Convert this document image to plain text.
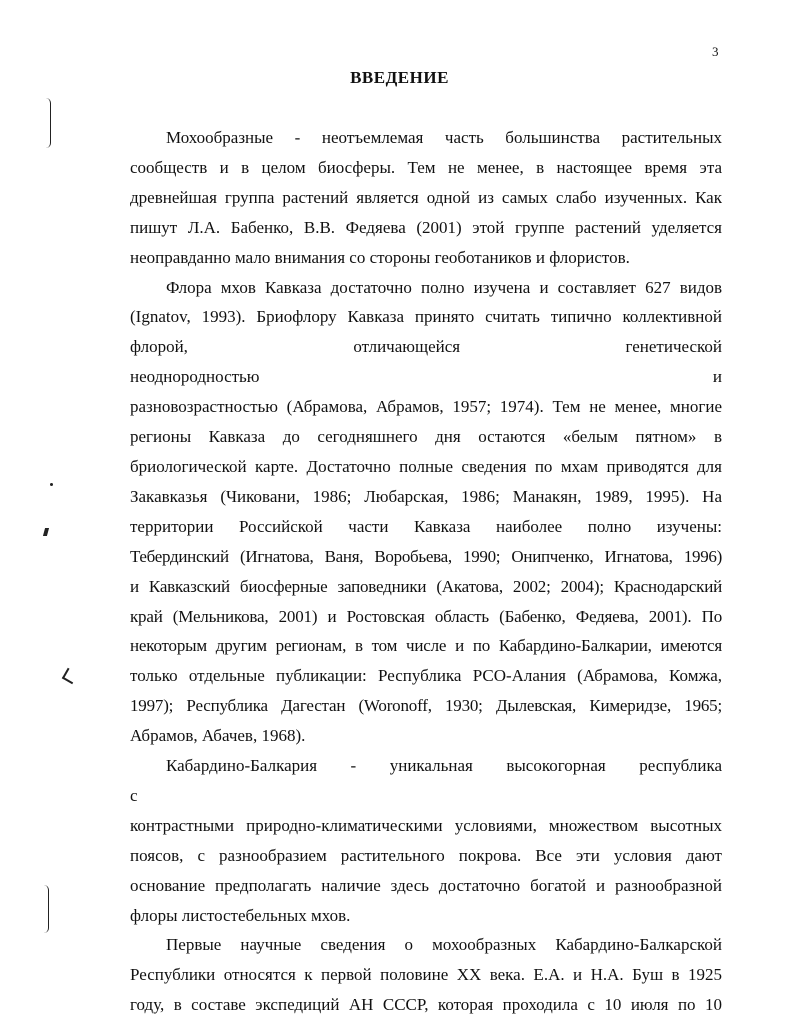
3
ВВЕДЕНИЕ
Мохообразные - неотъемлемая часть большинства растительных
сообществ и в целом биосферы. Тем не менее, в настоящее время эта
древнейшая группа растений является одной из самых слабо изученных. Как
пишут Л.А. Бабенко, В.В. Федяева (2001) этой группе растений уделяется
неоправданно мало внимания со стороны геоботаников и флористов.
Флора мхов Кавказа достаточно полно изучена и составляет 627 видов
(Ignatov, 1993). Бриофлору Кавказа принято считать типично коллективной
флорой, отличающейся генетической неоднородностью и
разновозрастностью (Абрамова, Абрамов, 1957; 1974). Тем не менее, многие
регионы Кавказа до сегодняшнего дня остаются «белым пятном» в
бриологической карте. Достаточно полные сведения по мхам приводятся для
Закавказья (Чиковани, 1986; Любарская, 1986; Манакян, 1989, 1995). На
территории Российской части Кавказа наиболее полно изучены:
Тебердинский (Игнатова, Ваня, Воробьева, 1990; Онипченко, Игнатова, 1996)
и Кавказский биосферные заповедники (Акатова, 2002; 2004); Краснодарский
край (Мельникова, 2001) и Ростовская область (Бабенко, Федяева, 2001). По
некоторым другим регионам, в том числе и по Кабардино-Балкарии, имеются
только отдельные публикации: Республика РСО-Алания (Абрамова, Комжа,
1997); Республика Дагестан (Woronoff, 1930; Дылевская, Кимеридзе, 1965;
Абрамов, Абачев, 1968).
Кабардино-Балкария - уникальная высокогорная республика с
контрастными природно-климатическими условиями, множеством высотных
поясов, с разнообразием растительного покрова. Все эти условия дают
основание предполагать наличие здесь достаточно богатой и разнообразной
флоры листостебельных мхов.
Первые научные сведения о мохообразных Кабардино-Балкарской
Республики относятся к первой половине XX века. Е.А. и Н.А. Буш в 1925
году, в составе экспедиций АН СССР, которая проходила с 10 июля по 10
